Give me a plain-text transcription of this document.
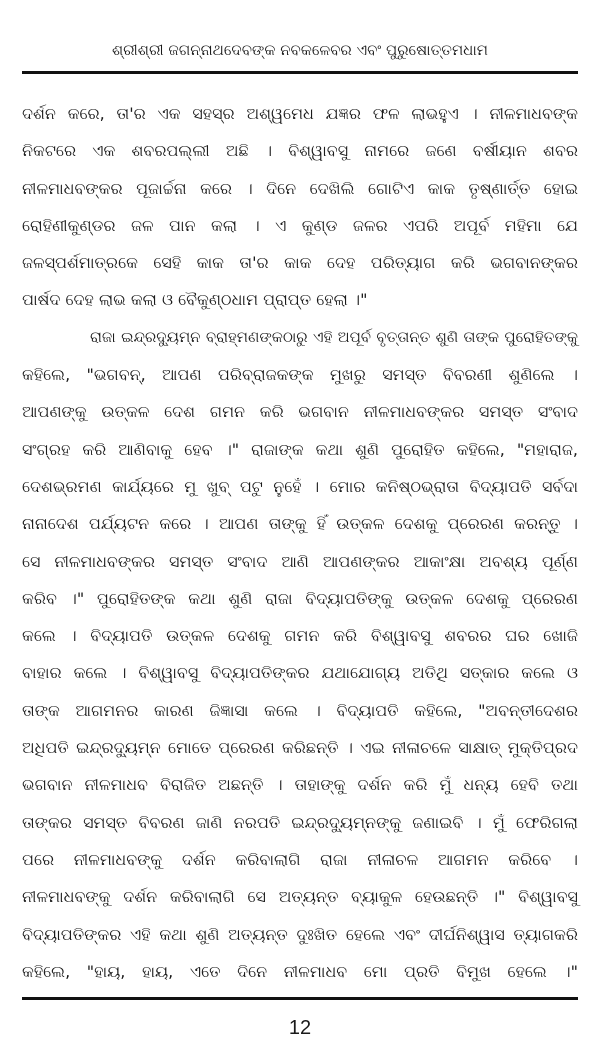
ଶ୍ରୀଶ୍ରୀ ଜଗନ୍ନାଥଦେବଙ୍କ ନବକଳେବର ଏବଂ ପୁରୁଷୋତ୍ତମଧାମ
ଦର୍ଶନ କରେ, ତା'ର ଏକ ସହସ୍ର ଅଶ୍ୱମେଧ ଯଜ୍ଞର ଫଳ ଲାଭହୁଏ । ନୀଳମାଧବଙ୍କ
ନିକଟରେ ଏକ ଶବରପଲ୍ଲୀ ଅଛି । ବିଶ୍ୱାବସୁ ନାମରେ ଜଣେ ବର୍ଷୀୟାନ ଶବର
ନୀଳମାଧବଙ୍କର ପୂଜାର୍ଚ୍ଚନା କରେ । ଦିନେ ଦେଖିଲି ଗୋଟିଏ କାକ ତୃଷ୍ଣାର୍ତ୍ତ ହୋଇ
ରୋହିଣୀକୁଣ୍ଡର ଜଳ ପାନ କଲା । ଏ କୁଣ୍ଡ ଜଳର ଏପରି ଅପୂର୍ବ ମହିମା ଯେ
ଜଳସ୍ପର୍ଶମାତ୍ରକେ ସେହି କାକ ତା'ର କାକ ଦେହ ପରିତ୍ୟାଗ କରି ଭଗବାନଙ୍କର
ପାର୍ଷଦ ଦେହ ଲାଭ କଲା ଓ ବୈକୁଣ୍ଠଧାମ ପ୍ରାପ୍ତ ହେଲା ।"
ରାଜା ଇନ୍ଦ୍ରଦ୍ୟୁମ୍ନ ବ୍ରାହ୍ମଣଙ୍କଠାରୁ ଏହି ଅପୂର୍ବ ବୃତ୍ତାନ୍ତ ଶୁଣି ତାଙ୍କ ପୁରୋହିତଙ୍କୁ
କହିଲେ, "ଭଗବନ୍, ଆପଣ ପରିବ୍ରାଜକଙ୍କ ମୁଖରୁ ସମସ୍ତ ବିବରଣୀ ଶୁଣିଲେ ।
ଆପଣଙ୍କୁ ଉତ୍କଳ ଦେଶ ଗମନ କରି ଭଗବାନ ନୀଳମାଧବଙ୍କର ସମସ୍ତ ସଂବାଦ
ସଂଗ୍ରହ କରି ଆଣିବାକୁ ହେବ ।" ରାଜାଙ୍କ କଥା ଶୁଣି ପୁରୋହିତ କହିଲେ, "ମହାରାଜ,
ଦେଶଭ୍ରମଣ କାର୍ଯ୍ୟରେ ମୁ ଖୁବ୍ ପଟୁ ନୁହେଁ । ମୋର କନିଷ୍ଠଭ୍ରାତା ବିଦ୍ୟାପତି ସର୍ବଦା
ନାନାଦେଶ ପର୍ଯ୍ୟଟନ କରେ । ଆପଣ ତାଙ୍କୁ ହିଁ ଉତ୍କଳ ଦେଶକୁ ପ୍ରେରଣ କରନ୍ତୁ ।
ସେ ନୀଳମାଧବଙ୍କର ସମସ୍ତ ସଂବାଦ ଆଣି ଆପଣଙ୍କର ଆକାଂକ୍ଷା ଅବଶ୍ୟ ପୂର୍ଣ୍ଣ
କରିବ ।" ପୁରୋହିତଙ୍କ କଥା ଶୁଣି ରାଜା ବିଦ୍ୟାପତିଙ୍କୁ ଉତ୍କଳ ଦେଶକୁ ପ୍ରେରଣ
କଲେ । ବିଦ୍ୟାପତି ଉତ୍କଳ ଦେଶକୁ ଗମନ କରି ବିଶ୍ୱାବସୁ ଶବରର ଘର ଖୋଜି
ବାହାର କଲେ । ବିଶ୍ୱାବସୁ ବିଦ୍ୟାପତିଙ୍କର ଯଥାଯୋଗ୍ୟ ଅତିଥି ସତ୍କାର କଲେ ଓ
ତାଙ୍କ ଆଗମନର କାରଣ ଜିଜ୍ଞାସା କଲେ । ବିଦ୍ୟାପତି କହିଲେ, "ଅବନ୍ତୀଦେଶର
ଅଧିପତି ଇନ୍ଦ୍ରଦ୍ୟୁମ୍ନ ମୋତେ ପ୍ରେରଣ କରିଛନ୍ତି । ଏଇ ନୀଳାଚଳେ ସାକ୍ଷାତ୍ ମୁକ୍ତିପ୍ରଦ
ଭଗବାନ ନୀଳମାଧବ ବିରାଜିତ ଅଛନ୍ତି । ତାହାଙ୍କୁ ଦର୍ଶନ କରି ମୁଁ ଧନ୍ୟ ହେବି ତଥା
ତାଙ୍କର ସମସ୍ତ ବିବରଣ ଜାଣି ନରପତି ଇନ୍ଦ୍ରଦ୍ୟୁମ୍ନଙ୍କୁ ଜଣାଇବି । ମୁଁ ଫେରିଗଲା
ପରେ ନୀଳମାଧବଙ୍କୁ ଦର୍ଶନ କରିବାଲାଗି ରାଜା ନୀଳାଚଳ ଆଗମନ କରିବେ ।
ନୀଳମାଧବଙ୍କୁ ଦର୍ଶନ କରିବାଲାଗି ସେ ଅତ୍ୟନ୍ତ ବ୍ୟାକୁଳ ହେଉଛନ୍ତି ।" ବିଶ୍ୱାବସୁ
ବିଦ୍ୟାପତିଙ୍କର ଏହି କଥା ଶୁଣି ଅତ୍ୟନ୍ତ ଦୁଃଖିତ ହେଲେ ଏବଂ ଦୀର୍ଘନିଶ୍ୱାସ ତ୍ୟାଗକରି
କହିଲେ, "ହାୟ, ହାୟ, ଏତେ ଦିନେ ନୀଳମାଧବ ମୋ ପ୍ରତି ବିମୁଖ ହେଲେ ।"
12
